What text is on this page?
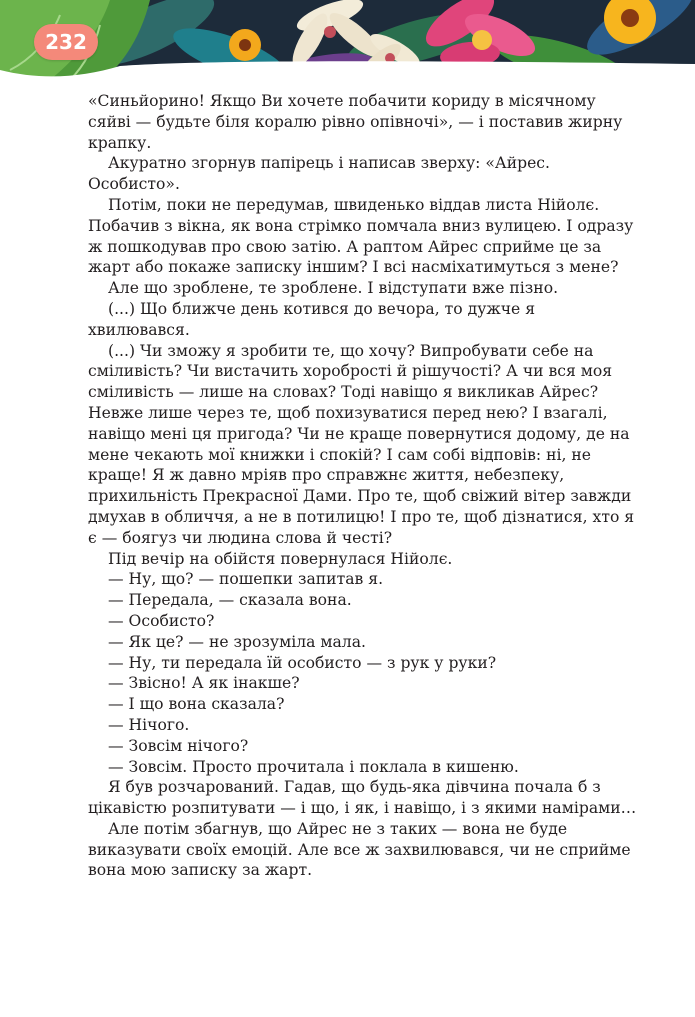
232

«Синьйорино! Якщо Ви хочете побачити кориду в місячному сяйві — будьте біля коралю рівно опівночі», — і поставив жирну крапку.

Акуратно згорнув папірець і написав зверху: «Айрес. Особисто».

Потім, поки не передумав, швиденько віддав листа Нійолє. Побачив з вікна, як вона стрімко помчала вниз вулицею. І одразу ж пошкодував про свою затію. А раптом Айрес сприйме це за жарт або покаже записку іншим? І всі насміхатимуться з мене?

Але що зроблене, те зроблене. І відступати вже пізно.

(...) Що ближче день котився до вечора, то дужче я хвилювався.

(...) Чи зможу я зробити те, що хочу? Випробувати себе на сміливість? Чи вистачить хоробрості й рішучості? А чи вся моя сміливість — лише на словах? Тоді навіщо я викликав Айрес? Невже лише через те, щоб похизуватися перед нею? І взагалі, навіщо мені ця пригода? Чи не краще повернутися додому, де на мене чекають мої книжки і спокій? І сам собі відповів: ні, не краще! Я ж давно мріяв про справжнє життя, небезпеку, прихильність Прекрасної Дами. Про те, щоб свіжий вітер завжди дмухав в обличчя, а не в потилицю! І про те, щоб дізнатися, хто я є — боягуз чи людина слова й честі?

Під вечір на обійстя повернулася Нійолє.

— Ну, що? — пошепки запитав я.

— Передала, — сказала вона.

— Особисто?

— Як це? — не зрозуміла мала.

— Ну, ти передала їй особисто — з рук у руки?

— Звісно! А як інакше?

— І що вона сказала?

— Нічого.

— Зовсім нічого?

— Зовсім. Просто прочитала і поклала в кишеню.

Я був розчарований. Гадав, що будь-яка дівчина почала б з цікавістю розпитувати — і що, і як, і навіщо, і з якими намірами…

Але потім збагнув, що Айрес не з таких — вона не буде виказувати своїх емоцій. Але все ж захвилювався, чи не сприйме вона мою записку за жарт.
